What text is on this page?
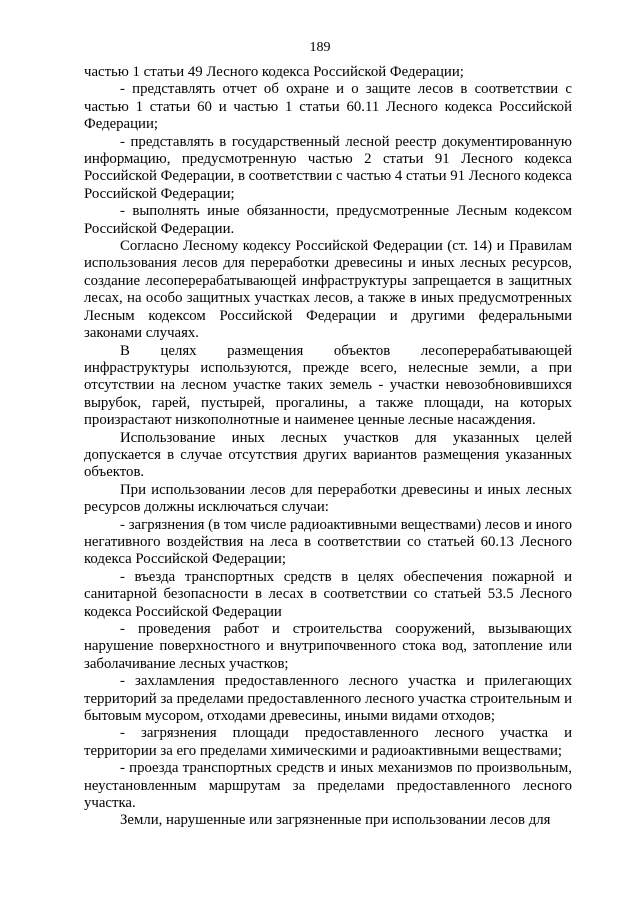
189

частью 1 статьи 49 Лесного кодекса Российской Федерации;

- представлять отчет об охране и о защите лесов в соответствии с частью 1 статьи 60 и частью 1 статьи 60.11 Лесного кодекса Российской Федерации;

- представлять в государственный лесной реестр документированную информацию, предусмотренную частью 2 статьи 91 Лесного кодекса Российской Федерации, в соответствии с частью 4 статьи 91 Лесного кодекса Российской Федерации;

- выполнять иные обязанности, предусмотренные Лесным кодексом Российской Федерации.

Согласно Лесному кодексу Российской Федерации (ст. 14) и Правилам использования лесов для переработки древесины и иных лесных ресурсов, создание лесоперерабатывающей инфраструктуры запрещается в защитных лесах, на особо защитных участках лесов, а также в иных предусмотренных Лесным кодексом Российской Федерации и другими федеральными законами случаях.

В целях размещения объектов лесоперерабатывающей инфраструктуры используются, прежде всего, нелесные земли, а при отсутствии на лесном участке таких земель - участки невозобновившихся вырубок, гарей, пустырей, прогалины, а также площади, на которых произрастают низкополнотные и наименее ценные лесные насаждения.

Использование иных лесных участков для указанных целей допускается в случае отсутствия других вариантов размещения указанных объектов.

При использовании лесов для переработки древесины и иных лесных ресурсов должны исключаться случаи:

- загрязнения (в том числе радиоактивными веществами) лесов и иного негативного воздействия на леса в соответствии со статьей 60.13 Лесного кодекса Российской Федерации;

- въезда транспортных средств в целях обеспечения пожарной и санитарной безопасности в лесах в соответствии со статьей 53.5 Лесного кодекса Российской Федерации

- проведения работ и строительства сооружений, вызывающих нарушение поверхностного и внутрипочвенного стока вод, затопление или заболачивание лесных участков;

- захламления предоставленного лесного участка и прилегающих территорий за пределами предоставленного лесного участка строительным и бытовым мусором, отходами древесины, иными видами отходов;

- загрязнения площади предоставленного лесного участка и территории за его пределами химическими и радиоактивными веществами;

- проезда транспортных средств и иных механизмов по произвольным, неустановленным маршрутам за пределами предоставленного лесного участка.

Земли, нарушенные или загрязненные при использовании лесов для
